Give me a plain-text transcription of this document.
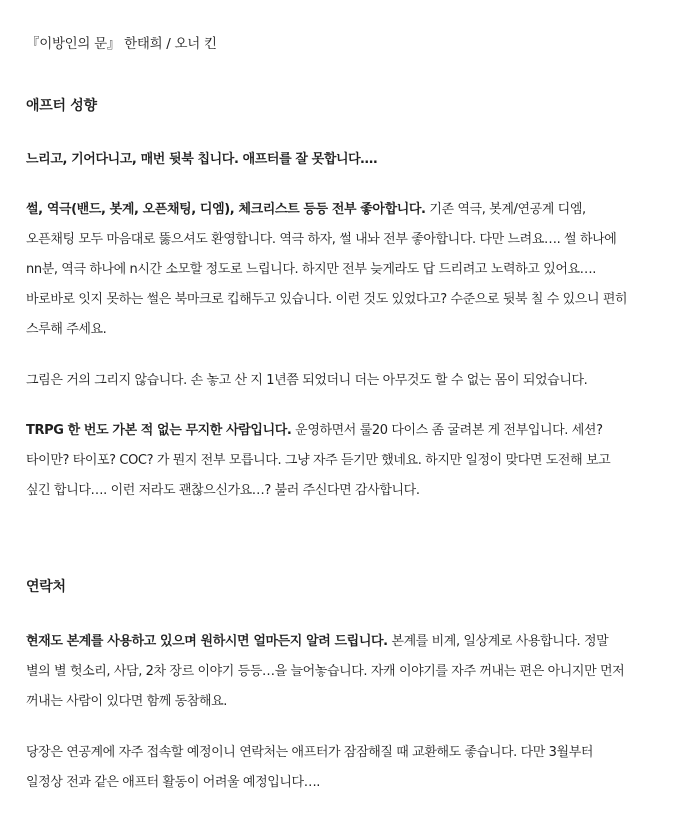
『이방인의 문』 한태희 / 오너 킨
애프터 성향
느리고, 기어다니고, 매번 뒷북 칩니다. 애프터를 잘 못합니다….
썰, 역극(밴드, 봇계, 오픈채팅, 디엠), 체크리스트 등등 전부 좋아합니다. 기존 역극, 봇계/연공계 디엠,
오픈채팅 모두 마음대로 뚫으셔도 환영합니다. 역극 하자, 썰 내놔 전부 좋아합니다. 다만 느려요…. 썰 하나에
nn분, 역극 하나에 n시간 소모할 정도로 느립니다. 하지만 전부 늦게라도 답 드리려고 노력하고 있어요….
바로바로 잇지 못하는 썰은 북마크로 킵해두고 있습니다. 이런 것도 있었다고? 수준으로 뒷북 칠 수 있으니 편히
스루해 주세요.
그림은 거의 그리지 않습니다. 손 놓고 산 지 1년쯤 되었더니 더는 아무것도 할 수 없는 몸이 되었습니다.
TRPG 한 번도 가본 적 없는 무지한 사람입니다. 운영하면서 룰20 다이스 좀 굴려본 게 전부입니다. 세션?
타이만? 타이포? COC? 가 뭔지 전부 모릅니다. 그냥 자주 듣기만 했네요. 하지만 일정이 맞다면 도전해 보고
싶긴 합니다…. 이런 저라도 괜찮으신가요…? 불러 주신다면 감사합니다.
연락처
현재도 본계를 사용하고 있으며 원하시면 얼마든지 알려 드립니다. 본계를 비계, 일상계로 사용합니다. 정말
별의 별 헛소리, 사담, 2차 장르 이야기 등등…을 늘어놓습니다. 자캐 이야기를 자주 꺼내는 편은 아니지만 먼저
꺼내는 사람이 있다면 함께 동참해요.
당장은 연공계에 자주 접속할 예정이니 연락처는 애프터가 잠잠해질 때 교환해도 좋습니다. 다만 3월부터
일정상 전과 같은 애프터 활동이 어려울 예정입니다….
